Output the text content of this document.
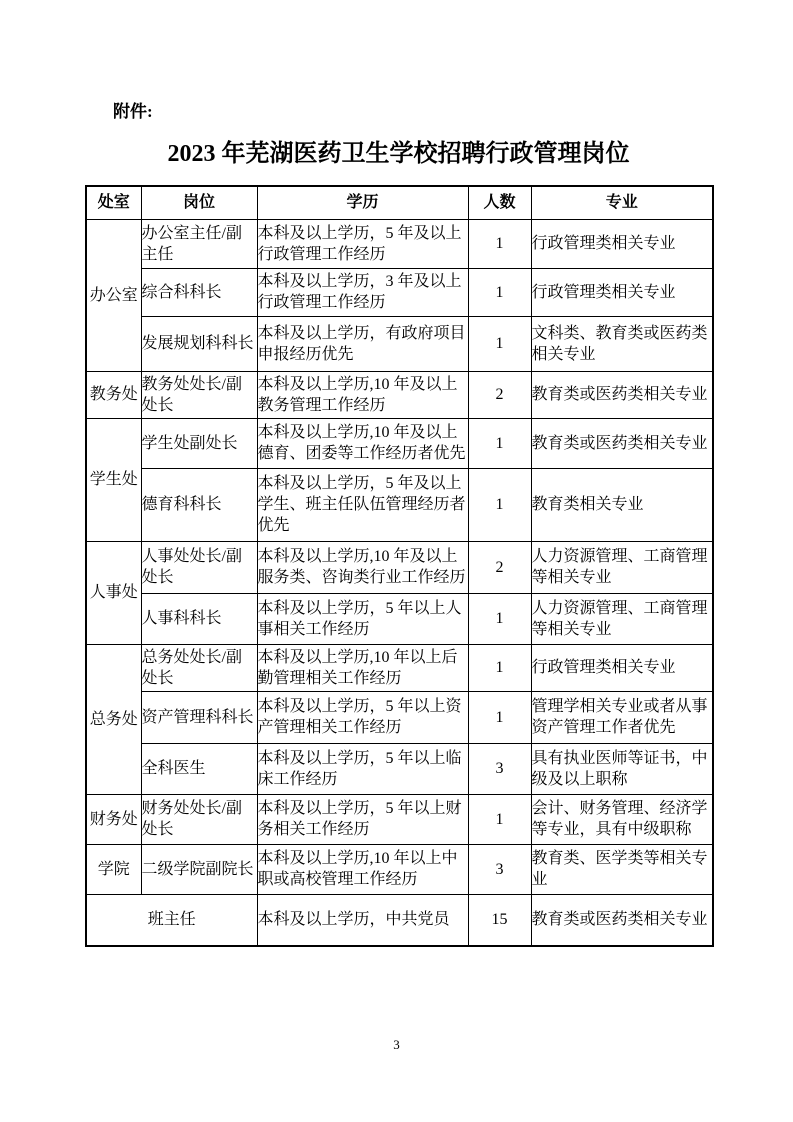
附件:
2023 年芜湖医药卫生学校招聘行政管理岗位
处室	岗位	学历	人数	专业
办公室	办公室主任/副主任	本科及以上学历，5 年及以上行政管理工作经历	1	行政管理类相关专业
	综合科科长	本科及以上学历，3 年及以上行政管理工作经历	1	行政管理类相关专业
	发展规划科科长	本科及以上学历，有政府项目申报经历优先	1	文科类、教育类或医药类相关专业
教务处	教务处处长/副处长	本科及以上学历,10 年及以上教务管理工作经历	2	教育类或医药类相关专业
学生处	学生处副处长	本科及以上学历,10 年及以上德育、团委等工作经历者优先	1	教育类或医药类相关专业
	德育科科长	本科及以上学历，5 年及以上学生、班主任队伍管理经历者优先	1	教育类相关专业
人事处	人事处处长/副处长	本科及以上学历,10 年及以上服务类、咨询类行业工作经历	2	人力资源管理、工商管理等相关专业
	人事科科长	本科及以上学历，5 年以上人事相关工作经历	1	人力资源管理、工商管理等相关专业
总务处	总务处处长/副处长	本科及以上学历,10 年以上后勤管理相关工作经历	1	行政管理类相关专业
	资产管理科科长	本科及以上学历，5 年以上资产管理相关工作经历	1	管理学相关专业或者从事资产管理工作者优先
	全科医生	本科及以上学历，5 年以上临床工作经历	3	具有执业医师等证书，中级及以上职称
财务处	财务处处长/副处长	本科及以上学历，5 年以上财务相关工作经历	1	会计、财务管理、经济学等专业，具有中级职称
学院	二级学院副院长	本科及以上学历,10 年以上中职或高校管理工作经历	3	教育类、医学类等相关专业
班主任		本科及以上学历，中共党员	15	教育类或医药类相关专业
3
